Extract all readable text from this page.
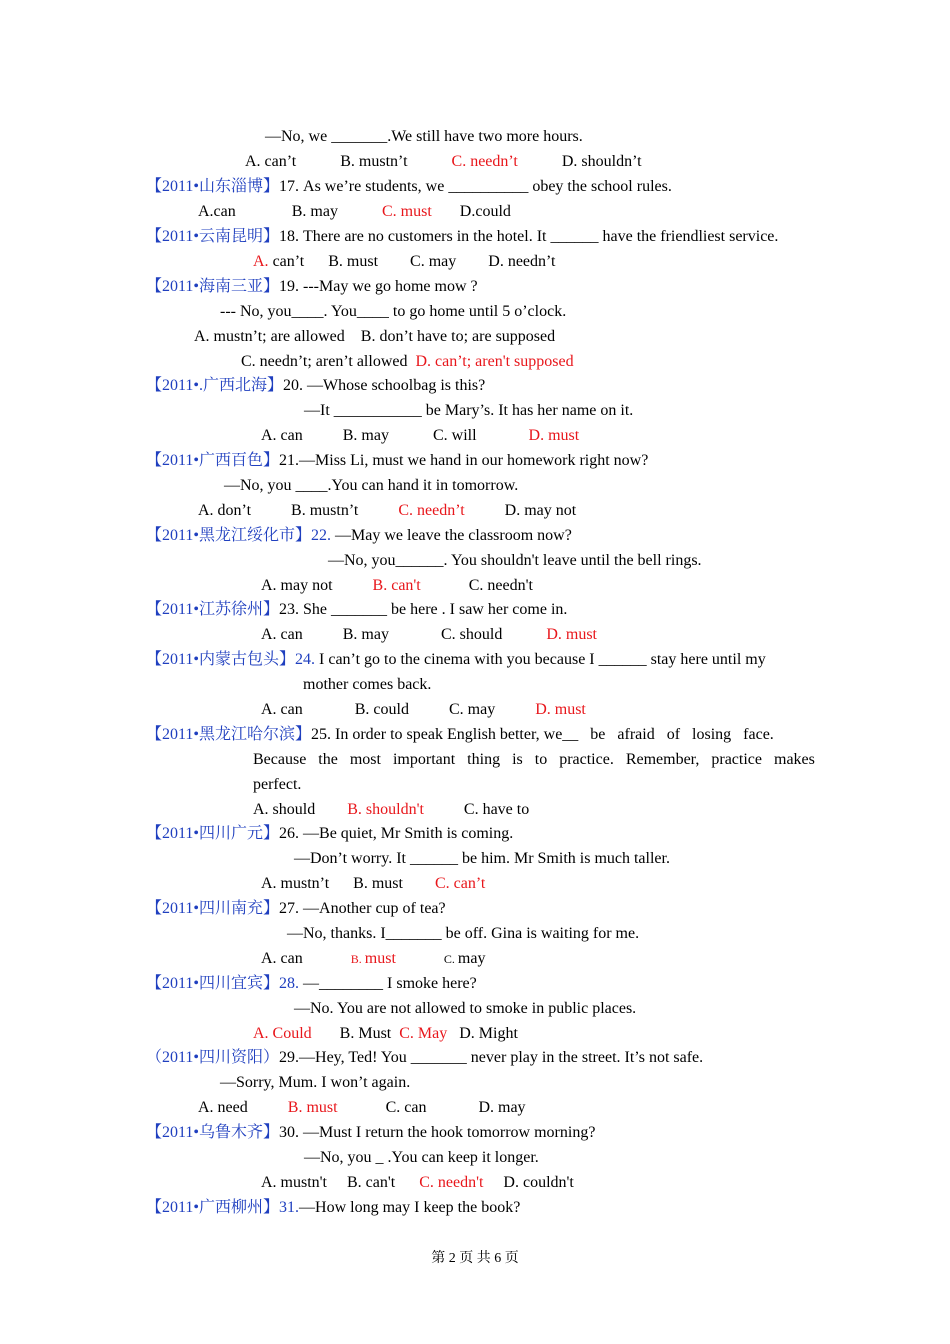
—No, we _______.We still have two more hours.
A. can’t           B. mustn’t           C. needn’t           D. shouldn’t
【2011•山东淄博】17. As we’re students, we __________ obey the school rules.
A.can              B. may           C. must       D.could
【2011•云南昆明】18. There are no customers in the hotel. It ______ have the friendliest service.
A. can’t      B. must        C. may        D. needn’t
【2011•海南三亚】19. ---May we go home mow ?
--- No, you____. You____ to go home until 5 o’clock.
A. mustn’t; are allowed    B. don’t have to; are supposed
C. needn’t; aren’t allowed  D. can’t; aren't supposed
【2011•.广西北海】20. —Whose schoolbag is this?
—It ___________ be Mary’s. It has her name on it.
A. can          B. may           C. will             D. must
【2011•广西百色】21.—Miss Li, must we hand in our homework right now?
—No, you ____.You can hand it in tomorrow.
A. don’t          B. mustn’t          C. needn’t          D. may not
【2011•黑龙江绥化市】22. —May we leave the classroom now?
—No, you______. You shouldn't leave until the bell rings.
A. may not          B. can't            C. needn't
【2011•江苏徐州】23. She _______ be here . I saw her come in.
A. can          B. may             C. should           D. must
【2011•内蒙古包头】24. I can’t go to the cinema with you because I ______ stay here until my
mother comes back.
A. can             B. could          C. may          D. must
【2011•黑龙江哈尔滨】25. In order to speak English better, we__   be   afraid   of   losing   face.
Because   the   most   important   thing   is   to   practice.   Remember,   practice   makes
perfect.
A. should        B. shouldn't          C. have to
【2011•四川广元】26. —Be quiet, Mr Smith is coming.
—Don’t worry. It ______ be him. Mr Smith is much taller.
A. mustn’t      B. must        C. can’t
【2011•四川南充】27. —Another cup of tea?
—No, thanks. I_______ be off. Gina is waiting for me.
A. can            B. must	C. may
【2011•四川宜宾】28. —________ I smoke here?
—No. You are not allowed to smoke in public places.
A. Could       B. Must  C. May   D. Might
（2011•四川资阳）29.—Hey, Ted! You _______ never play in the street. It’s not safe.
—Sorry, Mum. I won’t again.
A. need          B. must            C. can             D. may
【2011•乌鲁木齐】30. —Must I return the hook tomorrow morning?
—No, you _ .You can keep it longer.
A. mustn't     B. can't      C. needn't     D. couldn't
【2011•广西柳州】31.—How long may I keep the book?
第 2 页 共 6 页
